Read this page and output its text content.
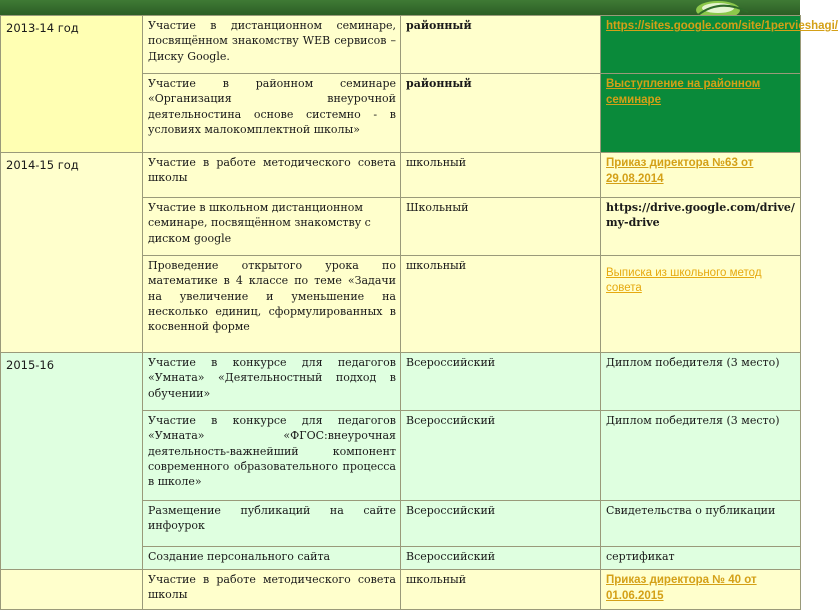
2013-14 год	Участие в дистанционном семинаре, посвящённом знакомству WEB сервисов – Диску Google.	районный	https://sites.google.com/site/1pervieshagi/
	Участие в районном семинаре «Организация внеурочной деятельностина основе системно - в условиях малокомплектной школы»	районный	Выступление на районном семинаре
2014-15 год	Участие в работе методического совета школы	школьный	Приказ директора №63 от 29.08.2014
	Участие в школьном дистанционном семинаре, посвящённом знакомству с диском google	Школьный	https://drive.google.com/drive/my-drive
	Проведение открытого урока по математике в 4 классе по теме «Задачи на увеличение и уменьшение на несколько единиц, сформулированных в косвенной форме	школьный	Выписка из школьного метод совета
2015-16	Участие в конкурсе для педагогов «Умната» «Деятельностный подход в обучении»	Всероссийский	Диплом победителя (3 место)
	Участие в конкурсе для педагогов «Умната» «ФГОС:внеурочная деятельность-важнейший компонент современного образовательного процесса в школе»	Всероссийский	Диплом победителя (3 место)
	Размещение публикаций на сайте инфоурок	Всероссийский	Свидетельства о публикации
	Создание персонального сайта	Всероссийский	сертификат
	Участие в работе методического совета школы	школьный	Приказ директора № 40 от 01.06.2015
